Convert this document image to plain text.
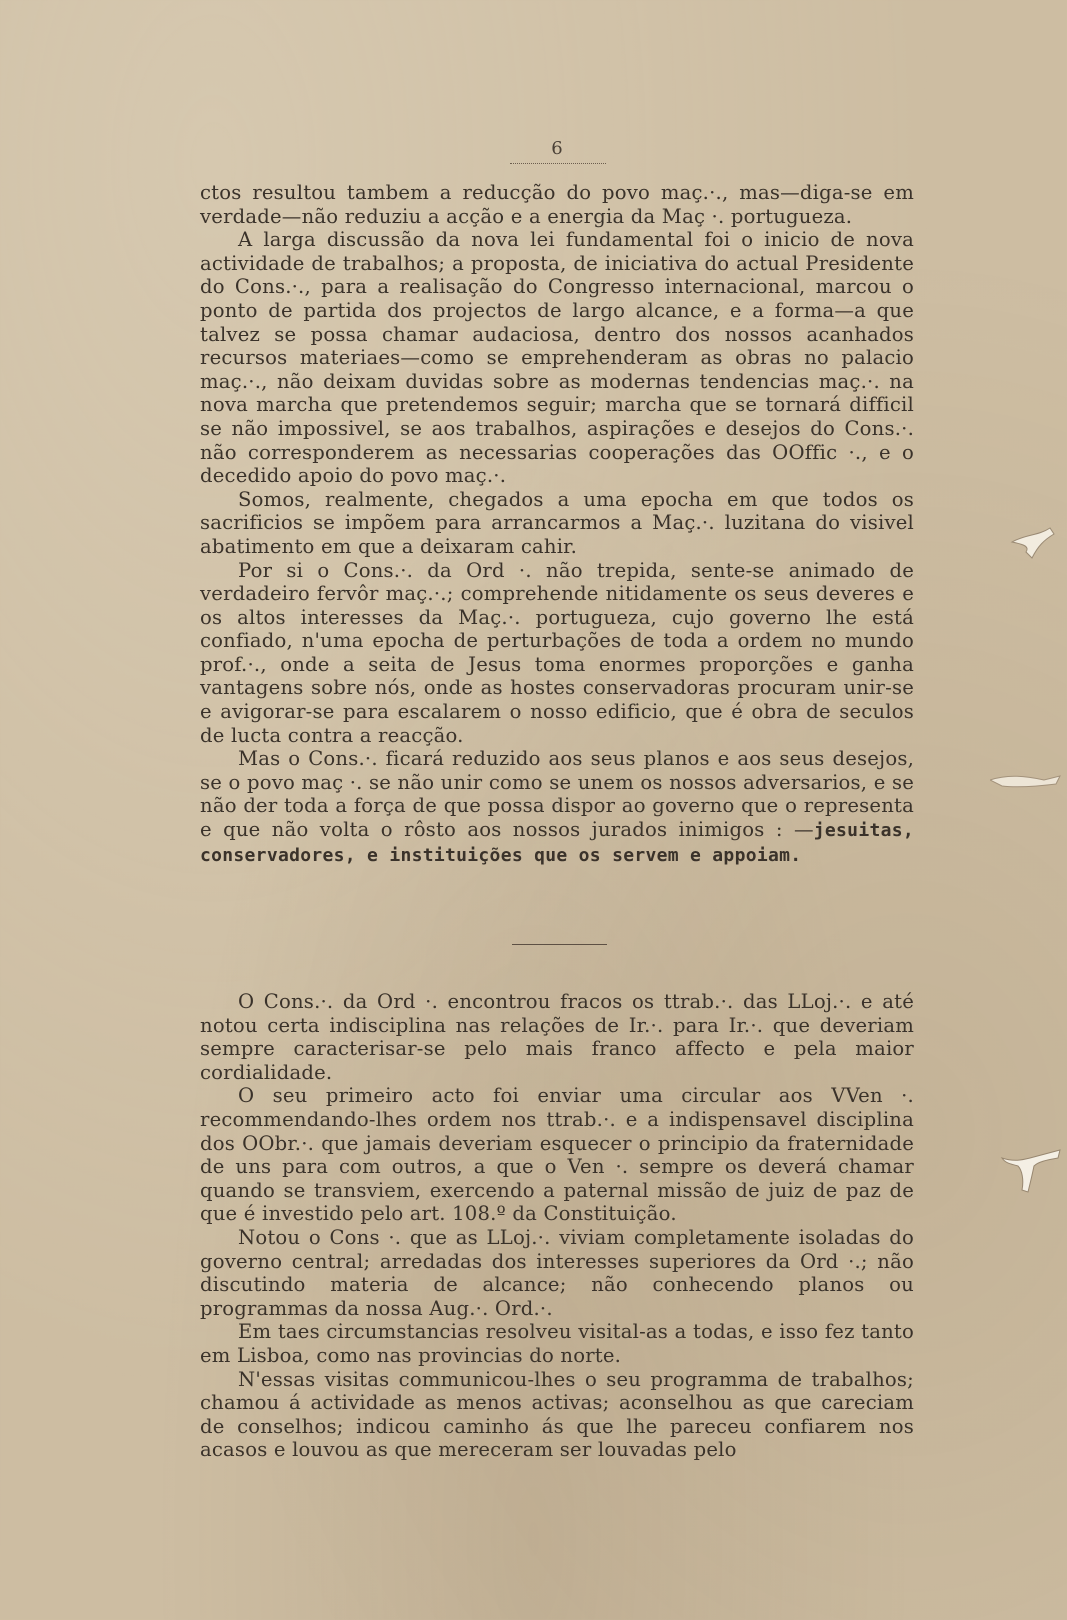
6

ctos resultou tambem a reducção do povo maç.·., mas—diga-se em verdade—não reduziu a acção e a energia da Maç ·. portugueza.

A larga discussão da nova lei fundamental foi o inicio de nova actividade de trabalhos; a proposta, de iniciativa do actual Presidente do Cons.·., para a realisação do Congresso internacional, marcou o ponto de partida dos projectos de largo alcance, e a forma—a que talvez se possa chamar audaciosa, dentro dos nossos acanhados recursos materiaes—como se emprehenderam as obras no palacio maç.·., não deixam duvidas sobre as modernas tendencias maç.·. na nova marcha que pretendemos seguir; marcha que se tornará difficil se não impossivel, se aos trabalhos, aspirações e desejos do Cons.·. não corresponderem as necessarias cooperações das OOffic ·., e o decedido apoio do povo maç.·.

Somos, realmente, chegados a uma epocha em que todos os sacrificios se impõem para arrancarmos a Maç.·. luzitana do visivel abatimento em que a deixaram cahir.

Por si o Cons.·. da Ord ·. não trepida, sente-se animado de verdadeiro fervôr maç.·.; comprehende nitidamente os seus deveres e os altos interesses da Maç.·. portugueza, cujo governo lhe está confiado, n'uma epocha de perturbações de toda a ordem no mundo prof.·., onde a seita de Jesus toma enormes proporções e ganha vantagens sobre nós, onde as hostes conservadoras procuram unir-se e avigorar-se para escalarem o nosso edificio, que é obra de seculos de lucta contra a reacção.

Mas o Cons.·. ficará reduzido aos seus planos e aos seus desejos, se o povo maç ·. se não unir como se unem os nossos adversarios, e se não der toda a força de que possa dispor ao governo que o representa e que não volta o rôsto aos nossos jurados inimigos : —jesuitas, conservadores, e instituições que os servem e appoiam.

O Cons.·. da Ord ·. encontrou fracos os ttrab.·. das LLoj.·. e até notou certa indisciplina nas relações de Ir.·. para Ir.·. que deveriam sempre caracterisar-se pelo mais franco affecto e pela maior cordialidade.

O seu primeiro acto foi enviar uma circular aos VVen ·. recommendando-lhes ordem nos ttrab.·. e a indispensavel disciplina dos OObr.·. que jamais deveriam esquecer o principio da fraternidade de uns para com outros, a que o Ven ·. sempre os deverá chamar quando se transviem, exercendo a paternal missão de juiz de paz de que é investido pelo art. 108.º da Constituição.

Notou o Cons ·. que as LLoj.·. viviam completamente isoladas do governo central; arredadas dos interesses superiores da Ord ·.; não discutindo materia de alcance; não conhecendo planos ou programmas da nossa Aug.·. Ord.·.

Em taes circumstancias resolveu visital-as a todas, e isso fez tanto em Lisboa, como nas provincias do norte.

N'essas visitas communicou-lhes o seu programma de trabalhos; chamou á actividade as menos activas; aconselhou as que careciam de conselhos; indicou caminho ás que lhe pareceu confiarem nos acasos e louvou as que mereceram ser louvadas pelo
